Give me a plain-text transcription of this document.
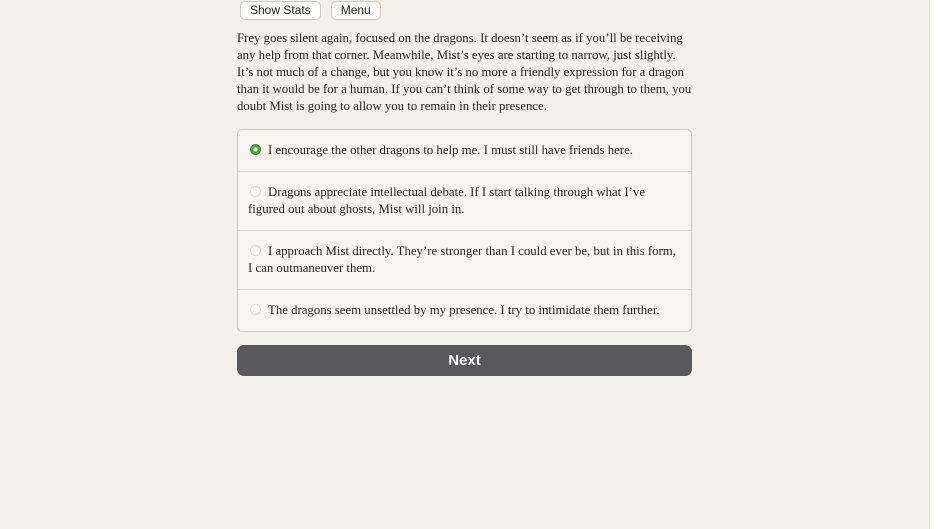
Show Stats	Menu

Frey goes silent again, focused on the dragons. It doesn’t seem as if you’ll be receiving any help from that corner. Meanwhile, Mist’s eyes are starting to narrow, just slightly. It’s not much of a change, but you know it’s no more a friendly expression for a dragon than it would be for a human. If you can’t think of some way to get through to them, you doubt Mist is going to allow you to remain in their presence.

I encourage the other dragons to help me. I must still have friends here.
Dragons appreciate intellectual debate. If I start talking through what I’ve figured out about ghosts, Mist will join in.
I approach Mist directly. They’re stronger than I could ever be, but in this form, I can outmaneuver them.
The dragons seem unsettled by my presence. I try to intimidate them further.
Next
